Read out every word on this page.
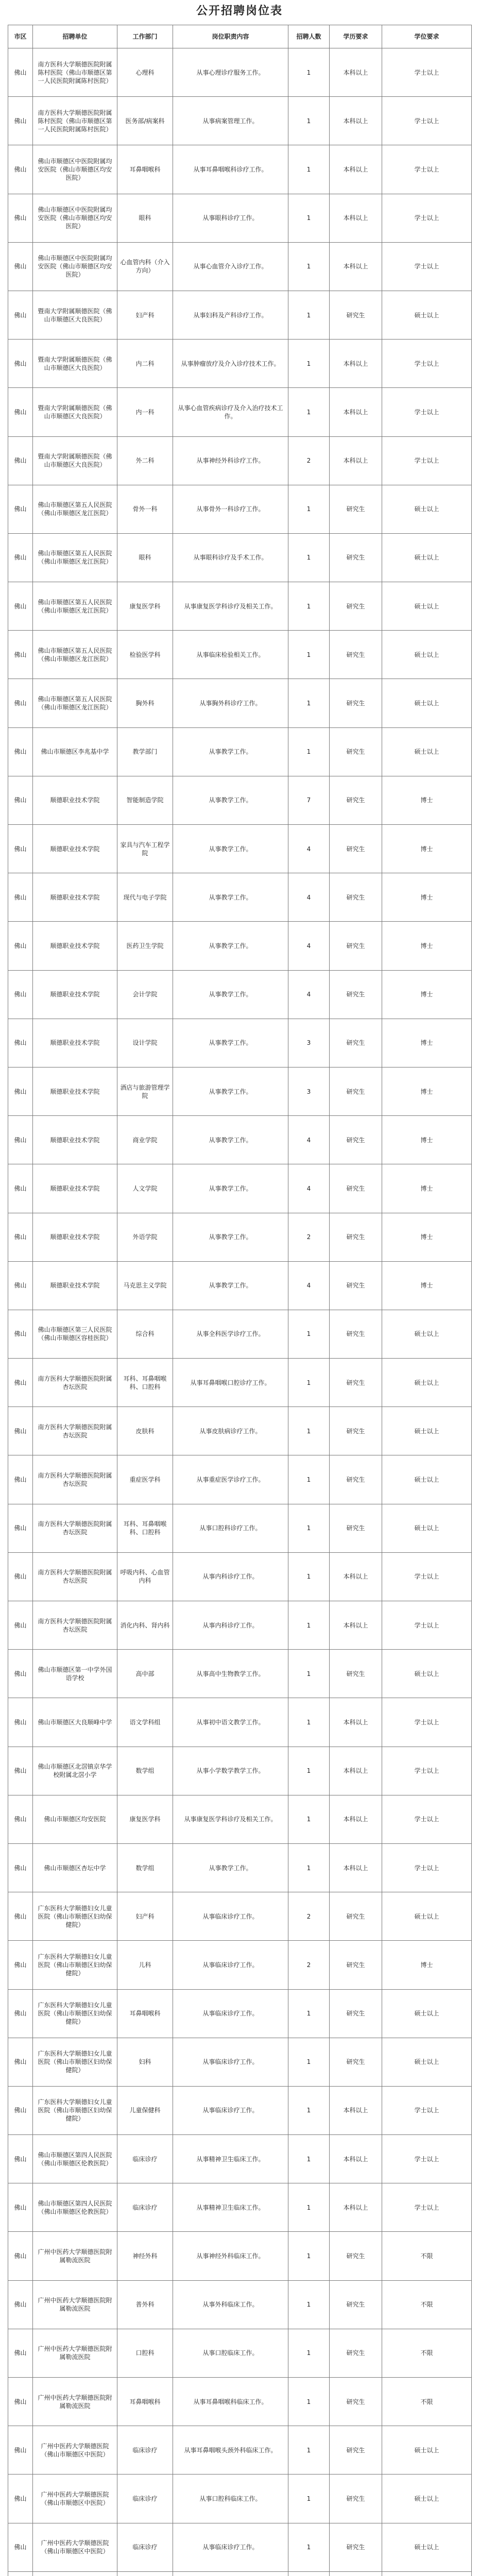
公开招聘岗位表
市区	招聘单位	工作部门	岗位职责内容	招聘人数	学历要求	学位要求
佛山	南方医科大学顺德医院附属陈村医院（佛山市顺德区第一人民医院附属陈村医院）	心理科	从事心理诊疗服务工作。	1	本科以上	学士以上
佛山	南方医科大学顺德医院附属陈村医院（佛山市顺德区第一人民医院附属陈村医院）	医务部/病案科	从事病案管理工作。	1	本科以上	学士以上
佛山	佛山市顺德区中医院附属均安医院（佛山市顺德区均安医院）	耳鼻咽喉科	从事耳鼻咽喉科诊疗工作。	1	本科以上	学士以上
佛山	佛山市顺德区中医院附属均安医院（佛山市顺德区均安医院）	眼科	从事眼科诊疗工作。	1	本科以上	学士以上
佛山	佛山市顺德区中医院附属均安医院（佛山市顺德区均安医院）	心血管内科（介入方向）	从事心血管介入诊疗工作。	1	本科以上	学士以上
佛山	暨南大学附属顺德医院（佛山市顺德区大良医院）	妇产科	从事妇科及产科诊疗工作。	1	研究生	硕士以上
佛山	暨南大学附属顺德医院（佛山市顺德区大良医院）	内二科	从事肿瘤放疗及介入诊疗技术工作。	1	本科以上	学士以上
佛山	暨南大学附属顺德医院（佛山市顺德区大良医院）	内一科	从事心血管疾病诊疗及介入治疗技术工作。	1	本科以上	学士以上
佛山	暨南大学附属顺德医院（佛山市顺德区大良医院）	外二科	从事神经外科诊疗工作。	2	本科以上	学士以上
佛山	佛山市顺德区第五人民医院（佛山市顺德区龙江医院）	骨外一科	从事骨外一科诊疗工作。	1	研究生	硕士以上
佛山	佛山市顺德区第五人民医院（佛山市顺德区龙江医院）	眼科	从事眼科诊疗及手术工作。	1	研究生	硕士以上
佛山	佛山市顺德区第五人民医院（佛山市顺德区龙江医院）	康复医学科	从事康复医学科诊疗及相关工作。	1	研究生	硕士以上
佛山	佛山市顺德区第五人民医院（佛山市顺德区龙江医院）	检验医学科	从事临床检验相关工作。	1	研究生	硕士以上
佛山	佛山市顺德区第五人民医院（佛山市顺德区龙江医院）	胸外科	从事胸外科诊疗工作。	1	研究生	硕士以上
佛山	佛山市顺德区李兆基中学	教学部门	从事教学工作。	1	研究生	硕士以上
佛山	顺德职业技术学院	智能制造学院	从事教学工作。	7	研究生	博士
佛山	顺德职业技术学院	家具与汽车工程学院	从事教学工作。	4	研究生	博士
佛山	顺德职业技术学院	现代与电子学院	从事教学工作。	4	研究生	博士
佛山	顺德职业技术学院	医药卫生学院	从事教学工作。	4	研究生	博士
佛山	顺德职业技术学院	会计学院	从事教学工作。	4	研究生	博士
佛山	顺德职业技术学院	设计学院	从事教学工作。	3	研究生	博士
佛山	顺德职业技术学院	酒店与旅游管理学院	从事教学工作。	3	研究生	博士
佛山	顺德职业技术学院	商业学院	从事教学工作。	4	研究生	博士
佛山	顺德职业技术学院	人文学院	从事教学工作。	4	研究生	博士
佛山	顺德职业技术学院	外语学院	从事教学工作。	2	研究生	博士
佛山	顺德职业技术学院	马克思主义学院	从事教学工作。	4	研究生	博士
佛山	佛山市顺德区第三人民医院（佛山市顺德区容桂医院）	综合科	从事全科医学诊疗工作。	1	研究生	硕士以上
佛山	南方医科大学顺德医院附属杏坛医院	耳科、耳鼻咽喉科、口腔科	从事耳鼻咽喉口腔诊疗工作。	1	研究生	硕士以上
佛山	南方医科大学顺德医院附属杏坛医院	皮肤科	从事皮肤病诊疗工作。	1	研究生	硕士以上
佛山	南方医科大学顺德医院附属杏坛医院	重症医学科	从事重症医学诊疗工作。	1	研究生	硕士以上
佛山	南方医科大学顺德医院附属杏坛医院	耳科、耳鼻咽喉科、口腔科	从事口腔科诊疗工作。	1	研究生	硕士以上
佛山	南方医科大学顺德医院附属杏坛医院	呼吸内科、心血管内科	从事内科诊疗工作。	1	本科以上	学士以上
佛山	南方医科大学顺德医院附属杏坛医院	消化内科、肾内科	从事内科诊疗工作。	1	本科以上	学士以上
佛山	佛山市顺德区第一中学外国语学校	高中部	从事高中生物教学工作。	1	研究生	硕士以上
佛山	佛山市顺德区大良顺峰中学	语文学科组	从事初中语文教学工作。	1	本科以上	学士以上
佛山	佛山市顺德区北滘镇京华学校附属北滘小学	数学组	从事小学数学教学工作。	1	本科以上	学士以上
佛山	佛山市顺德区均安医院	康复医学科	从事康复医学科诊疗及相关工作。	1	本科以上	学士以上
佛山	佛山市顺德区杏坛中学	数学组	从事教学工作。	1	本科以上	学士以上
佛山	广东医科大学顺德妇女儿童医院（佛山市顺德区妇幼保健院）	妇产科	从事临床诊疗工作。	2	研究生	硕士以上
佛山	广东医科大学顺德妇女儿童医院（佛山市顺德区妇幼保健院）	儿科	从事临床诊疗工作。	2	研究生	博士
佛山	广东医科大学顺德妇女儿童医院（佛山市顺德区妇幼保健院）	耳鼻咽喉科	从事临床诊疗工作。	1	研究生	硕士以上
佛山	广东医科大学顺德妇女儿童医院（佛山市顺德区妇幼保健院）	妇科	从事临床诊疗工作。	1	研究生	硕士以上
佛山	广东医科大学顺德妇女儿童医院（佛山市顺德区妇幼保健院）	儿童保健科	从事临床诊疗工作。	1	本科以上	学士以上
佛山	佛山市顺德区第四人民医院（佛山市顺德区伦教医院）	临床诊疗	从事精神卫生临床工作。	1	本科以上	学士以上
佛山	佛山市顺德区第四人民医院（佛山市顺德区伦教医院）	临床诊疗	从事精神卫生临床工作。	1	本科以上	学士以上
佛山	广州中医药大学顺德医院附属勒流医院	神经外科	从事神经外科临床工作。	1	研究生	不限
佛山	广州中医药大学顺德医院附属勒流医院	普外科	从事外科临床工作。	1	研究生	不限
佛山	广州中医药大学顺德医院附属勒流医院	口腔科	从事口腔临床工作。	1	研究生	不限
佛山	广州中医药大学顺德医院附属勒流医院	耳鼻咽喉科	从事耳鼻咽喉科临床工作。	1	研究生	不限
佛山	广州中医药大学顺德医院（佛山市顺德区中医院）	临床诊疗	从事耳鼻咽喉头颈外科临床工作。	1	研究生	硕士以上
佛山	广州中医药大学顺德医院（佛山市顺德区中医院）	临床诊疗	从事口腔科临床工作。	1	研究生	硕士以上
佛山	广州中医药大学顺德医院（佛山市顺德区中医院）	临床诊疗	从事临床诊疗工作。	1	研究生	硕士以上
